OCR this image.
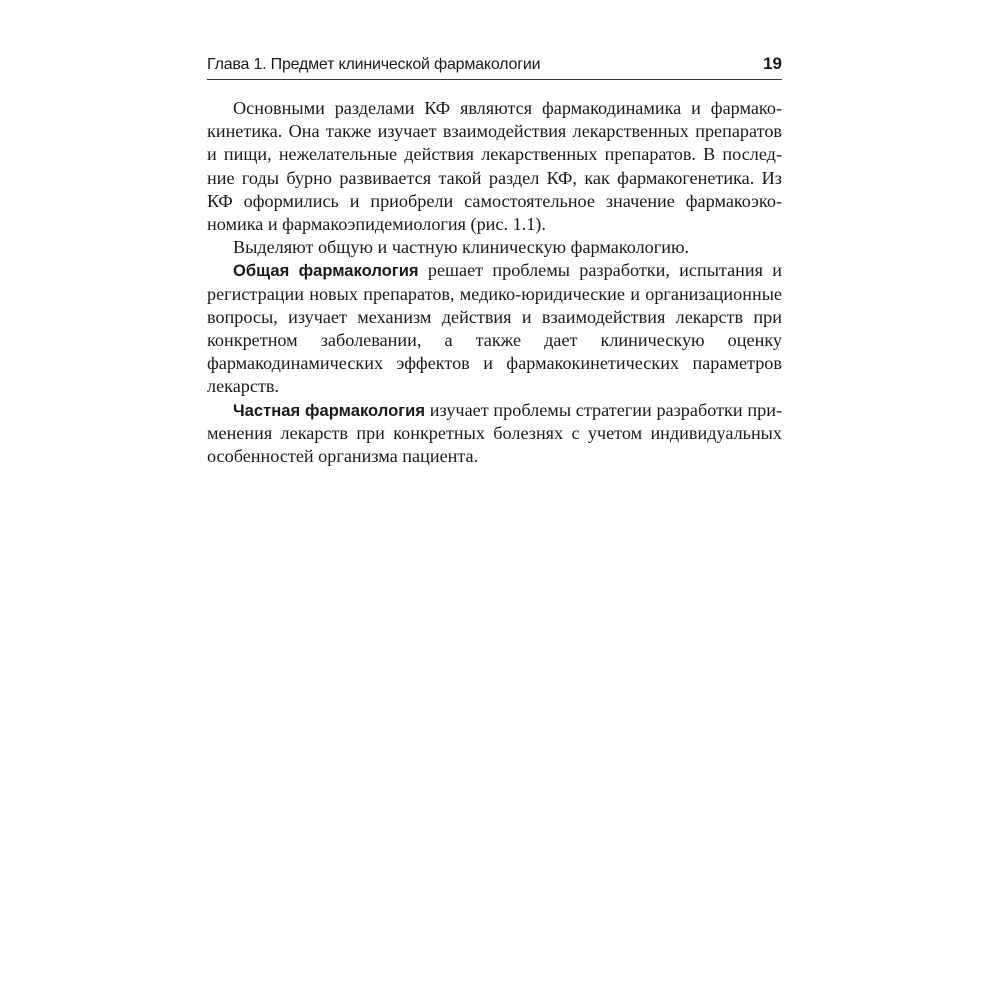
Глава 1. Предмет клинической фармакологии	19

Основными разделами КФ являются фармакодинамика и фармакокинетика. Она также изучает взаимодействия лекарственных препаратов и пищи, нежелательные действия лекарственных препаратов. В последние годы бурно развивается такой раздел КФ, как фармакогенетика. Из КФ оформились и приобрели самостоятельное значение фармакоэкономика и фармакоэпидемиология (рис. 1.1).

Выделяют общую и частную клиническую фармакологию.

Общая фармакология решает проблемы разработки, испытания и регистрации новых препаратов, медико-юридические и организационные вопросы, изучает механизм действия и взаимодействия лекарств при конкретном заболевании, а также дает клиническую оценку фармакодинамических эффектов и фармакокинетических параметров лекарств.

Частная фармакология изучает проблемы стратегии разработки применения лекарств при конкретных болезнях с учетом индивидуальных особенностей организма пациента.
